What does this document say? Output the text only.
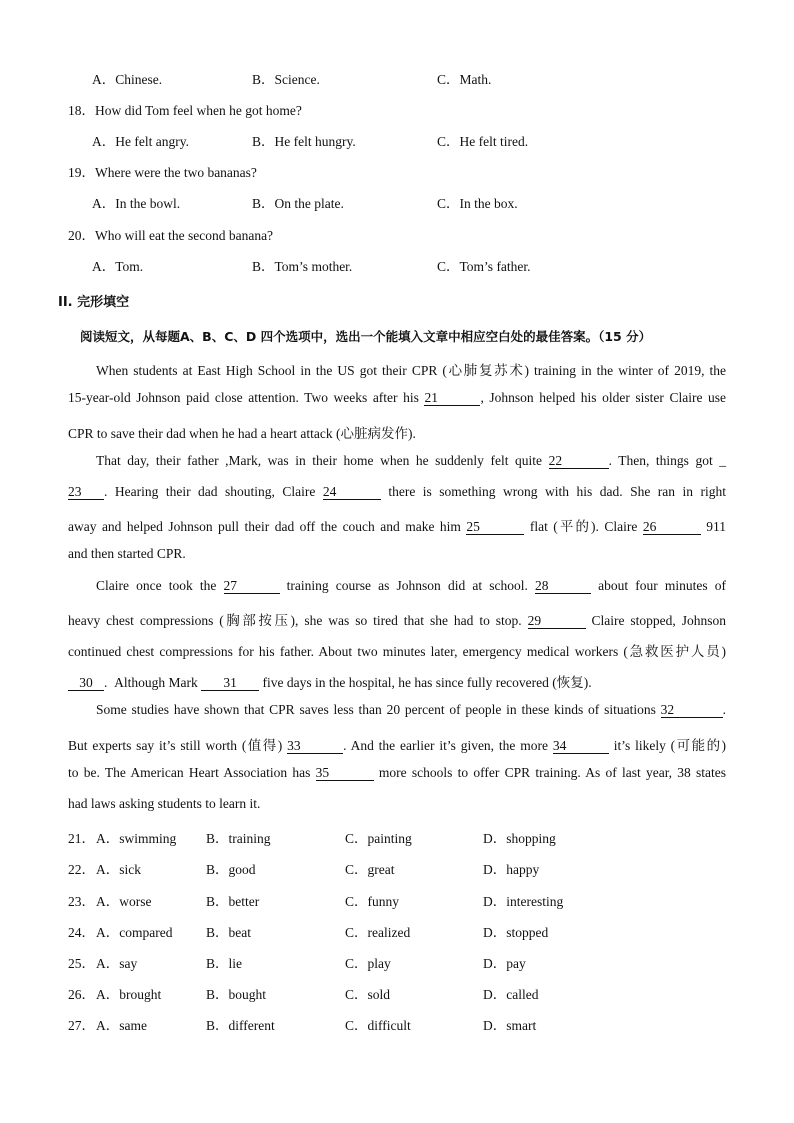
A．Chinese.	B．Science.	C．Math.
18．How did Tom feel when he got home?
A．He felt angry.	B．He felt hungry.	C．He felt tired.
19．Where were the two bananas?
A．In the bowl.	B．On the plate.	C．In the box.
20．Who will eat the second banana?
A．Tom.	B．Tom’s mother.	C．Tom’s father.
II. 完形填空
阅读短文，从每题A、B、C、D 四个选项中，选出一个能填入文章中相应空白处的最佳答案。（15 分）
When students at East High School in the US got their CPR (心肺复苏术) training in the winter of 2019, the
15-year-old Johnson paid close attention. Two weeks after his 21	, Johnson helped his older sister Claire use
CPR to save their dad when he had a heart attack (心脏病发作).
That day, their father ,Mark, was in their home when he suddenly felt quite 22	. Then, things got _
23 . Hearing their dad shouting, Claire 24	there is something wrong with his dad. She ran in right
away and helped Johnson pull their dad off the couch and make him 25	flat (平的). Claire 26	911
and then started CPR.
Claire once took the 27	training course as Johnson did at school. 28	about four minutes of
heavy chest compressions (胸部按压), she was so tired that she had to stop. 29	Claire stopped, Johnson
continued chest compressions for his father. About two minutes later, emergency medical workers (急救医护人员)
30 . Although Mark 31 five days in the hospital, he has since fully recovered (恢复).
Some studies have shown that CPR saves less than 20 percent of people in these kinds of situations 32	.
But experts say it’s still worth (值得) 33	. And the earlier it’s given, the more 34	it’s likely (可能的)
to be. The American Heart Association has 35	more schools to offer CPR training. As of last year, 38 states
had laws asking students to learn it.
21． A．swimming B．training	C．painting	D．shopping
22． A．sick	B．good	C．great	D．happy
23． A．worse	B．better	C．funny	D．interesting
24． A．compared B．beat	C．realized	D．stopped
25． A．say	B．lie	C．play	D．pay
26． A．brought	B．bought	C．sold	D．called
27． A．same	B．different	C．difficult	D．smart
